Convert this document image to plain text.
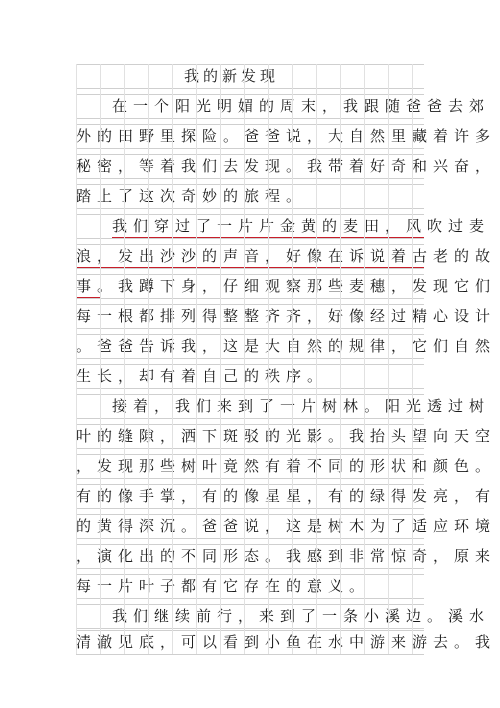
我的新发现
在一个阳光明媚的周末，我跟随爸爸去郊
外的田野里探险。爸爸说，大自然里藏着许多
秘密，等着我们去发现。我带着好奇和兴奋，
踏上了这次奇妙的旅程。
我们穿过了一片片金黄的麦田，风吹过麦
浪，发出沙沙的声音，好像在诉说着古老的故
事。我蹲下身，仔细观察那些麦穗，发现它们
每一根都排列得整整齐齐，好像经过精心设计
。爸爸告诉我，这是大自然的规律，它们自然
生长，却有着自己的秩序。
接着，我们来到了一片树林。阳光透过树
叶的缝隙，洒下斑驳的光影。我抬头望向天空
，发现那些树叶竟然有着不同的形状和颜色。
有的像手掌，有的像星星，有的绿得发亮，有
的黄得深沉。爸爸说，这是树木为了适应环境
，演化出的不同形态。我感到非常惊奇，原来
每一片叶子都有它存在的意义。
我们继续前行，来到了一条小溪边。溪水
清澈见底，可以看到小鱼在水中游来游去。我
